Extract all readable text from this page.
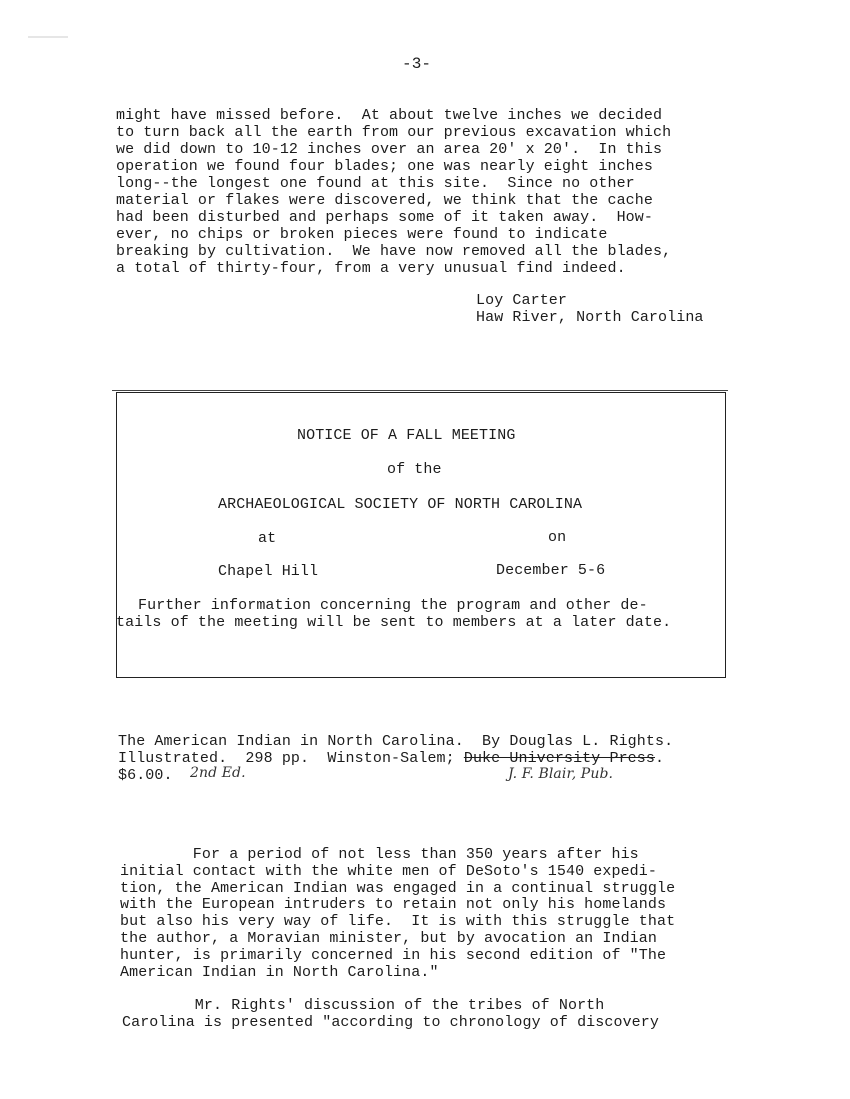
-3-
might have missed before.  At about twelve inches we decided
to turn back all the earth from our previous excavation which
we did down to 10-12 inches over an area 20' x 20'.  In this
operation we found four blades; one was nearly eight inches
long--the longest one found at this site.  Since no other
material or flakes were discovered, we think that the cache
had been disturbed and perhaps some of it taken away.  How-
ever, no chips or broken pieces were found to indicate
breaking by cultivation.  We have now removed all the blades,
a total of thirty-four, from a very unusual find indeed.
Loy Carter
Haw River, North Carolina
NOTICE OF A FALL MEETING
of the
ARCHAEOLOGICAL SOCIETY OF NORTH CAROLINA
at	on
Chapel Hill	December 5-6
Further information concerning the program and other de-
tails of the meeting will be sent to members at a later date.
The American Indian in North Carolina.  By Douglas L. Rights.
Illustrated.  298 pp.  Winston-Salem; Duke University Press.
$6.00. 2nd Ed.	J. F. Blair, Pub.
For a period of not less than 350 years after his
initial contact with the white men of DeSoto's 1540 expedi-
tion, the American Indian was engaged in a continual struggle
with the European intruders to retain not only his homelands
but also his very way of life.  It is with this struggle that
the author, a Moravian minister, but by avocation an Indian
hunter, is primarily concerned in his second edition of "The
American Indian in North Carolina."
Mr. Rights' discussion of the tribes of North
Carolina is presented "according to chronology of discovery
